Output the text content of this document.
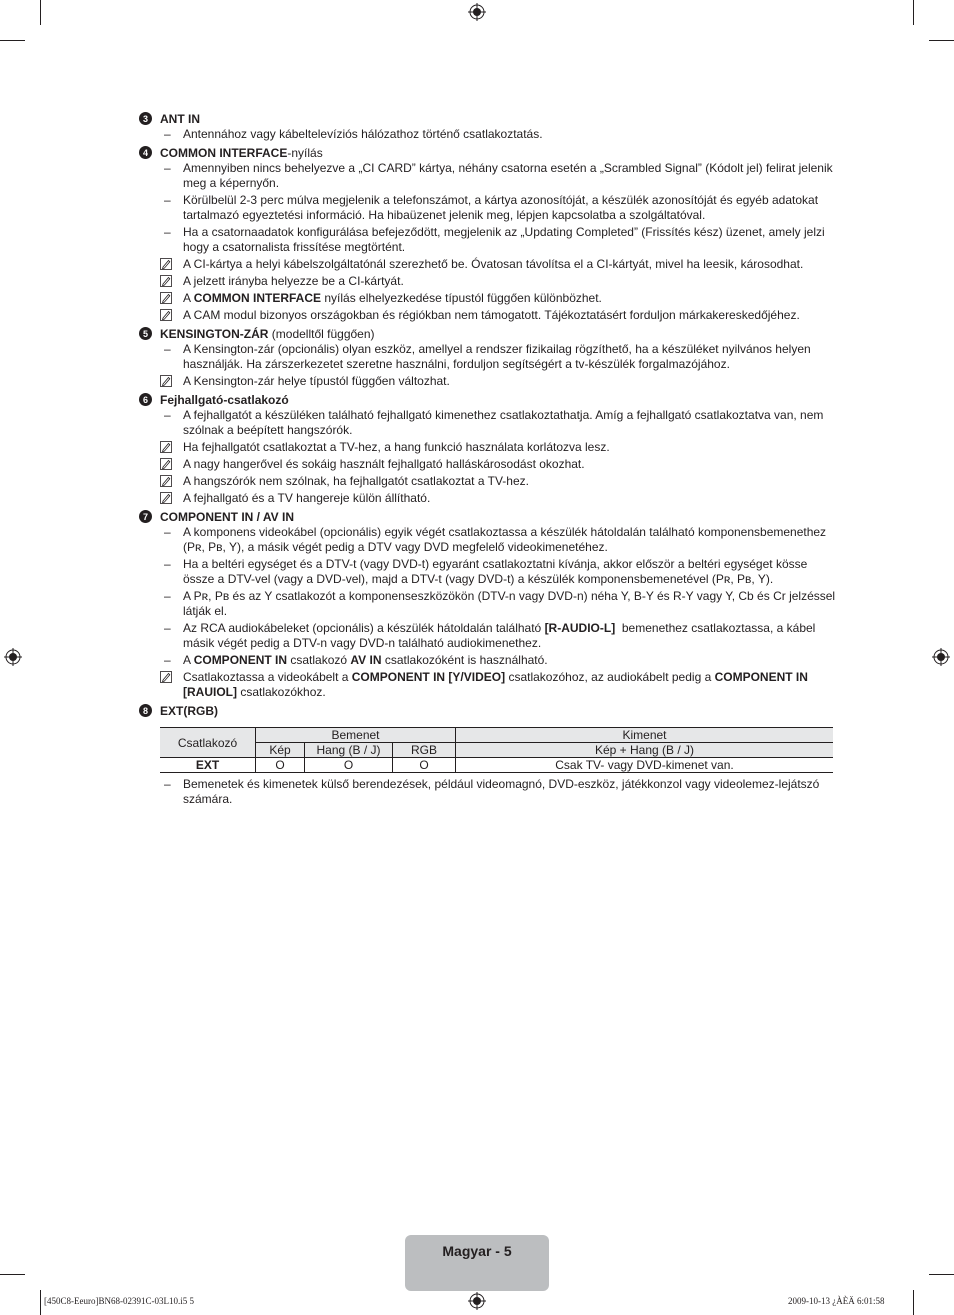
3	ANT IN
– Antennához vagy kábeltelevíziós hálózathoz történő csatlakoztatás.
4	COMMON INTERFACE -nyílás
– Amennyiben nincs behelyezve a „CI CARD” kártya, néhány csatorna esetén a „Scrambled Signal” (Kódolt jel) felirat jelenik meg a képernyőn.
– Körülbelül 2-3 perc múlva megjelenik a telefonszámot, a kártya azonosítóját, a készülék azonosítóját és egyéb adatokat tartalmazó egyeztetési információ. Ha hibaüzenet jelenik meg, lépjen kapcsolatba a szolgáltatóval.
– Ha a csatornaadatok konfigurálása befejeződött, megjelenik az „Updating Completed” (Frissítés kész) üzenet, amely jelzi hogy a csatornalista frissítése megtörtént.
A CI-kártya a helyi kábelszolgáltatónál szerezhető be. Óvatosan távolítsa el a CI-kártyát, mivel ha leesik, károsodhat.
A jelzett irányba helyezze be a CI-kártyát.
A COMMON INTERFACE nyílás elhelyezkedése típustól függően különbözhet.
A CAM modul bizonyos országokban és régiókban nem támogatott. Tájékoztatásért forduljon márkakereskedőjéhez.
5	KENSINGTON-ZÁR (modelltől függően)
– A Kensington-zár (opcionális) olyan eszköz, amellyel a rendszer fizikailag rögzíthető, ha a készüléket nyilvános helyen használják. Ha zárszerkezetet szeretne használni, forduljon segítségért a tv-készülék forgalmazójához.
A Kensington-zár helye típustól függően változhat.
6	Fejhallgató-csatlakozó
– A fejhallgatót a készüléken található fejhallgató kimenethez csatlakoztathatja. Amíg a fejhallgató csatlakoztatva van, nem szólnak a beépített hangszórók.
Ha fejhallgatót csatlakoztat a TV-hez, a hang funkció használata korlátozva lesz.
A nagy hangerővel és sokáig használt fejhallgató halláskárosodást okozhat.
A hangszórók nem szólnak, ha fejhallgatót csatlakoztat a TV-hez.
A fejhallgató és a TV hangereje külön állítható.
7	COMPONENT IN / AV IN
– A komponens videokábel (opcionális) egyik végét csatlakoztassa a készülék hátoldalán található komponensbemenethez (Pʀ, Pʙ, Y), a másik végét pedig a DTV vagy DVD megfelelő videokimenetéhez.
– Ha a beltéri egységet és a DTV-t (vagy DVD-t) egyaránt csatlakoztatni kívánja, akkor először a beltéri egységet kösse össze a DTV-vel (vagy a DVD-vel), majd a DTV-t (vagy DVD-t) a készülék komponensbemenetével (Pʀ, Pʙ, Y).
– A Pʀ, Pʙ és az Y csatlakozót a komponenseszközökön (DTV-n vagy DVD-n) néha Y, B-Y és R-Y vagy Y, Cb és Cr jelzéssel látják el.
– Az RCA audiokábeleket (opcionális) a készülék hátoldalán található [R-AUDIO-L]  bemenethez csatlakoztassa, a kábel másik végét pedig a DTV-n vagy DVD-n található audiokimenethez.
– A COMPONENT IN csatlakozó AV IN csatlakozóként is használható.
Csatlakoztassa a videokábelt a COMPONENT IN [Y/VIDEO] csatlakozóhoz, az audiokábelt pedig a COMPONENT IN [RAUIOL] csatlakozókhoz.
8	EXT(RGB)
Csatlakozó	Bemenet			Kimenet
	Kép	Hang (B / J)	RGB	Kép + Hang (B / J)
EXT	O	O	O	Csak TV- vagy DVD-kimenet van.
– Bemenetek és kimenetek külső berendezések, például videomagnó, DVD-eszköz, játékkonzol vagy videolemez-lejátszó számára.
Magyar - 5
[450C8-Eeuro]BN68-02391C-03L10.i5 5	2009-10-13 ¿ÀÈÄ 6:01:58
